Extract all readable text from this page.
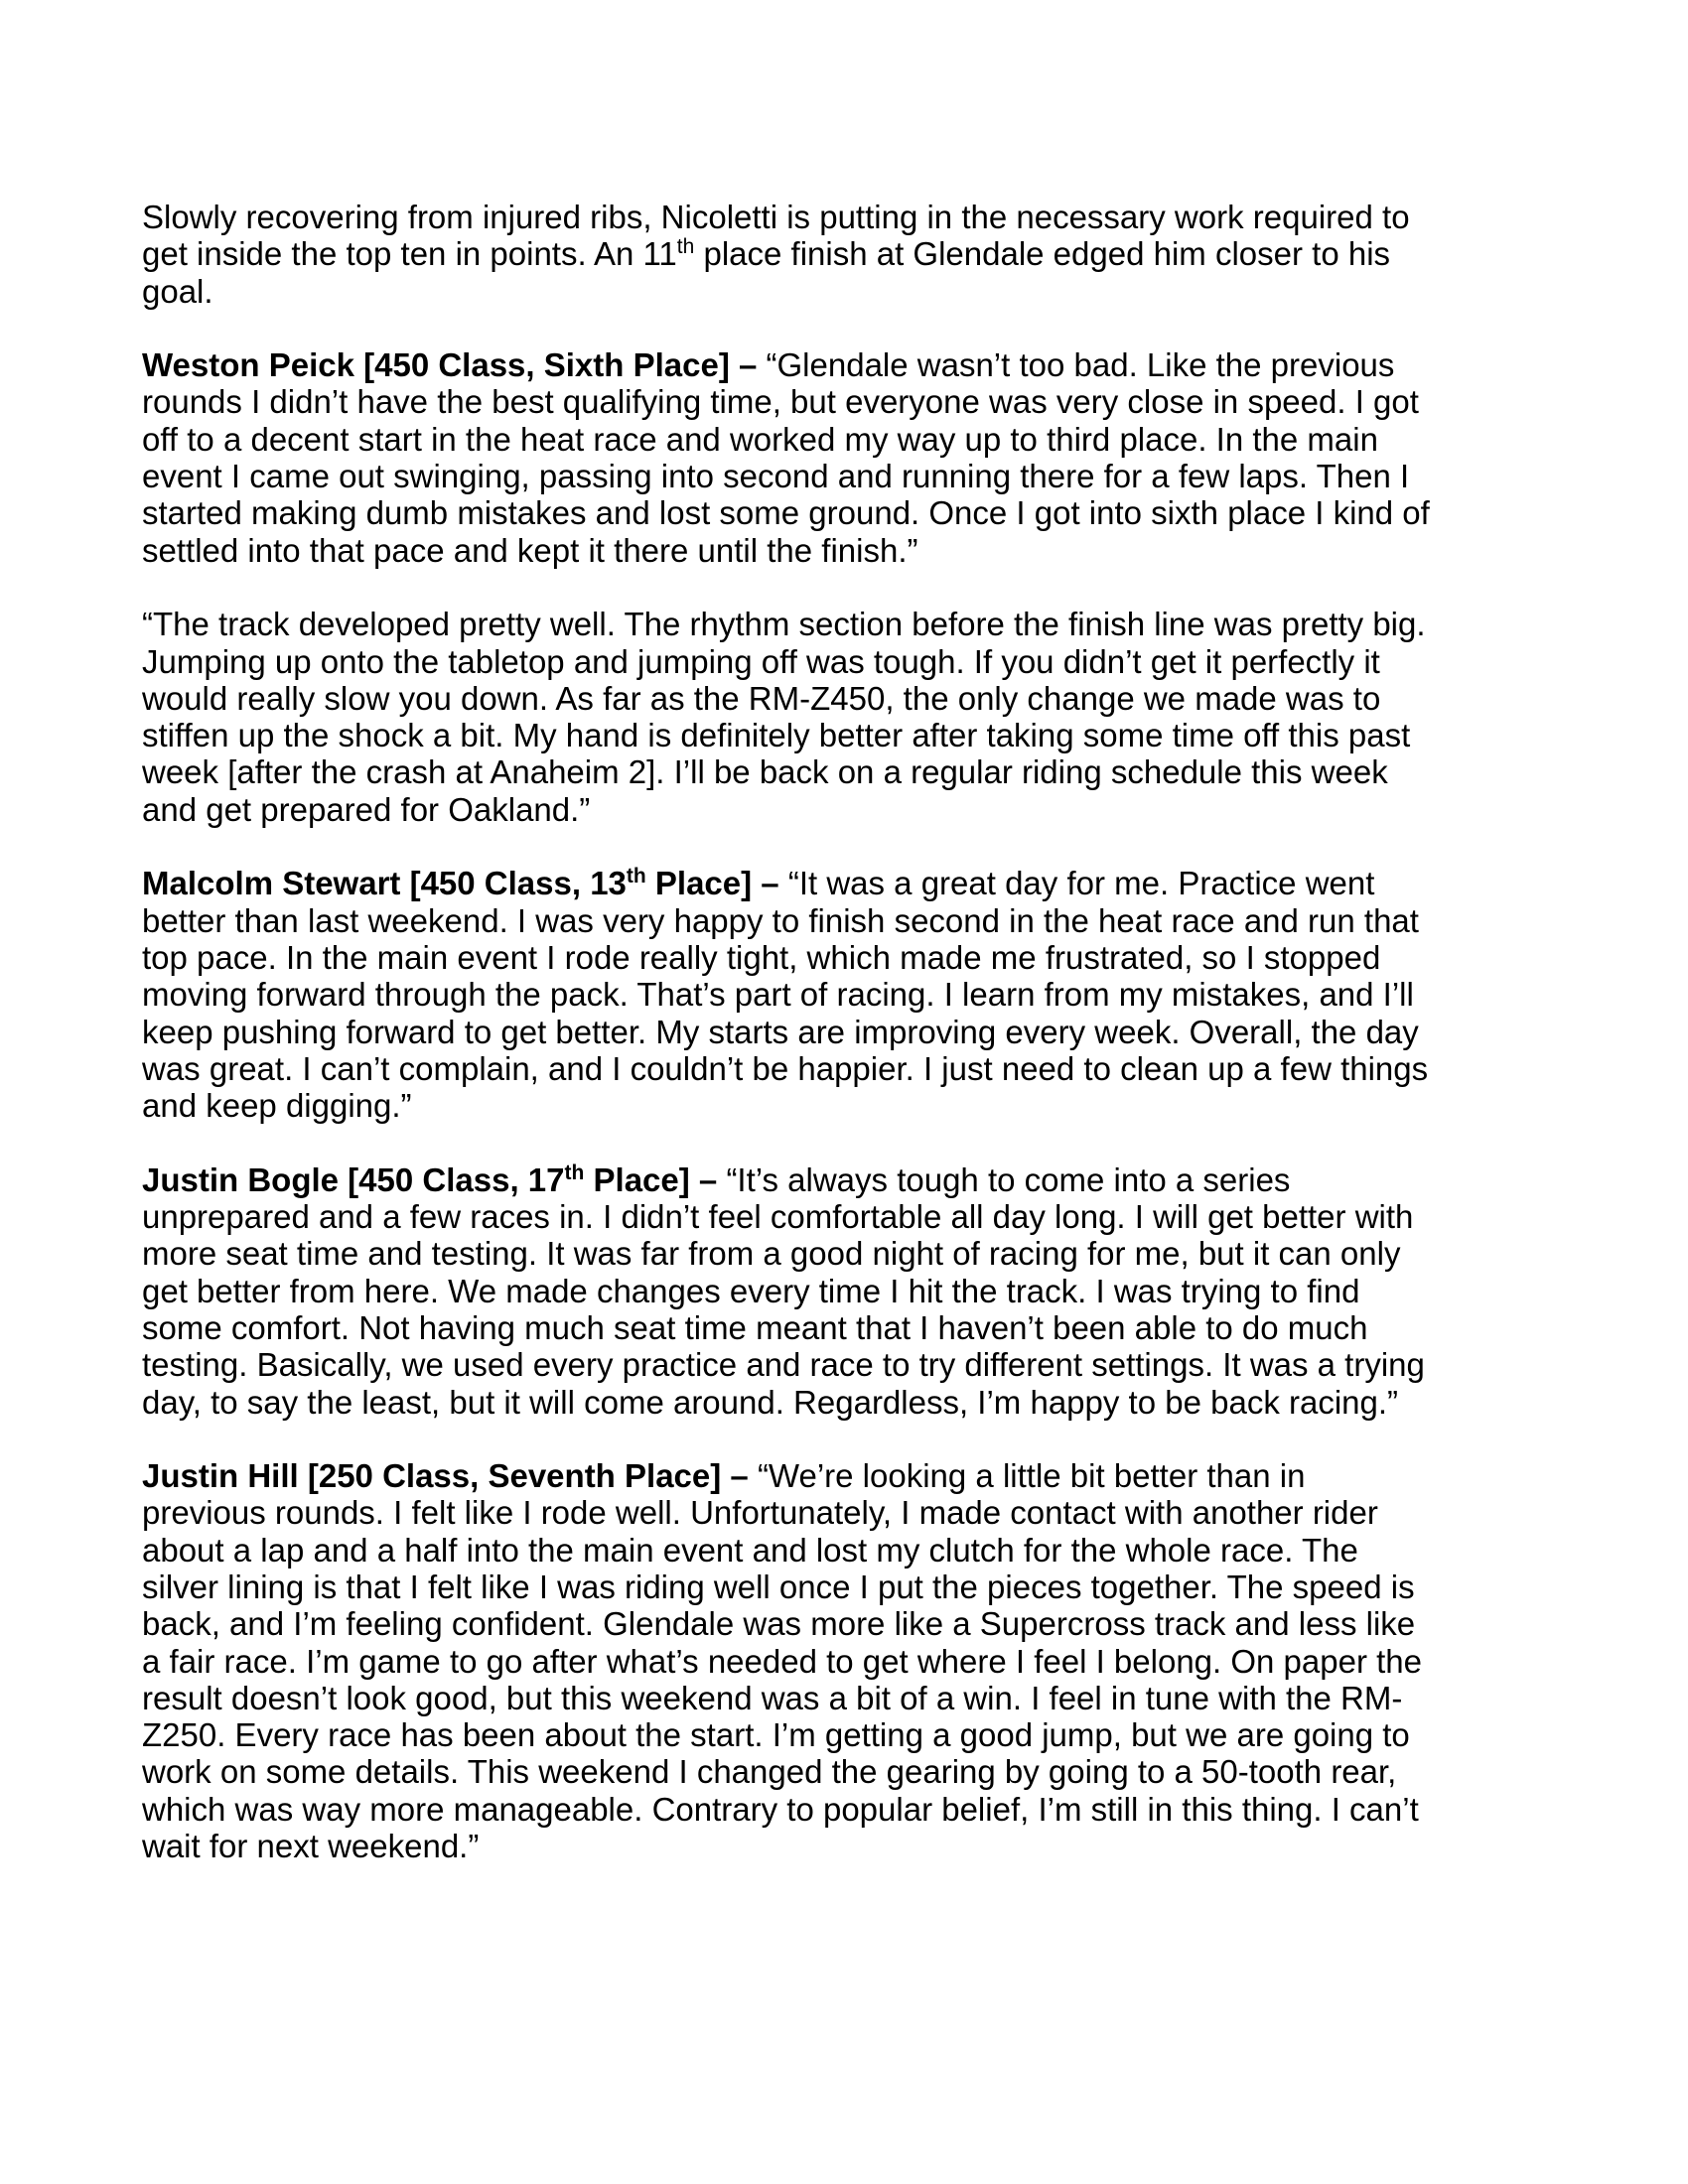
Slowly recovering from injured ribs, Nicoletti is putting in the necessary work required to get inside the top ten in points. An 11th place finish at Glendale edged him closer to his goal.

Weston Peick [450 Class, Sixth Place] – “Glendale wasn’t too bad. Like the previous rounds I didn’t have the best qualifying time, but everyone was very close in speed. I got off to a decent start in the heat race and worked my way up to third place. In the main event I came out swinging, passing into second and running there for a few laps. Then I started making dumb mistakes and lost some ground. Once I got into sixth place I kind of settled into that pace and kept it there until the finish.”

“The track developed pretty well. The rhythm section before the finish line was pretty big. Jumping up onto the tabletop and jumping off was tough. If you didn’t get it perfectly it would really slow you down. As far as the RM-Z450, the only change we made was to stiffen up the shock a bit. My hand is definitely better after taking some time off this past week [after the crash at Anaheim 2]. I’ll be back on a regular riding schedule this week and get prepared for Oakland.”

Malcolm Stewart [450 Class, 13th Place] – “It was a great day for me. Practice went better than last weekend. I was very happy to finish second in the heat race and run that top pace. In the main event I rode really tight, which made me frustrated, so I stopped moving forward through the pack. That’s part of racing. I learn from my mistakes, and I’ll keep pushing forward to get better. My starts are improving every week. Overall, the day was great. I can’t complain, and I couldn’t be happier. I just need to clean up a few things and keep digging.”

Justin Bogle [450 Class, 17th Place] – “It’s always tough to come into a series unprepared and a few races in. I didn’t feel comfortable all day long. I will get better with more seat time and testing. It was far from a good night of racing for me, but it can only get better from here. We made changes every time I hit the track. I was trying to find some comfort. Not having much seat time meant that I haven’t been able to do much testing. Basically, we used every practice and race to try different settings. It was a trying day, to say the least, but it will come around. Regardless, I’m happy to be back racing.”

Justin Hill [250 Class, Seventh Place] – “We’re looking a little bit better than in previous rounds. I felt like I rode well. Unfortunately, I made contact with another rider about a lap and a half into the main event and lost my clutch for the whole race. The silver lining is that I felt like I was riding well once I put the pieces together. The speed is back, and I’m feeling confident. Glendale was more like a Supercross track and less like a fair race. I’m game to go after what’s needed to get where I feel I belong. On paper the result doesn’t look good, but this weekend was a bit of a win. I feel in tune with the RM-Z250. Every race has been about the start. I’m getting a good jump, but we are going to work on some details. This weekend I changed the gearing by going to a 50-tooth rear, which was way more manageable. Contrary to popular belief, I’m still in this thing. I can’t wait for next weekend.”
